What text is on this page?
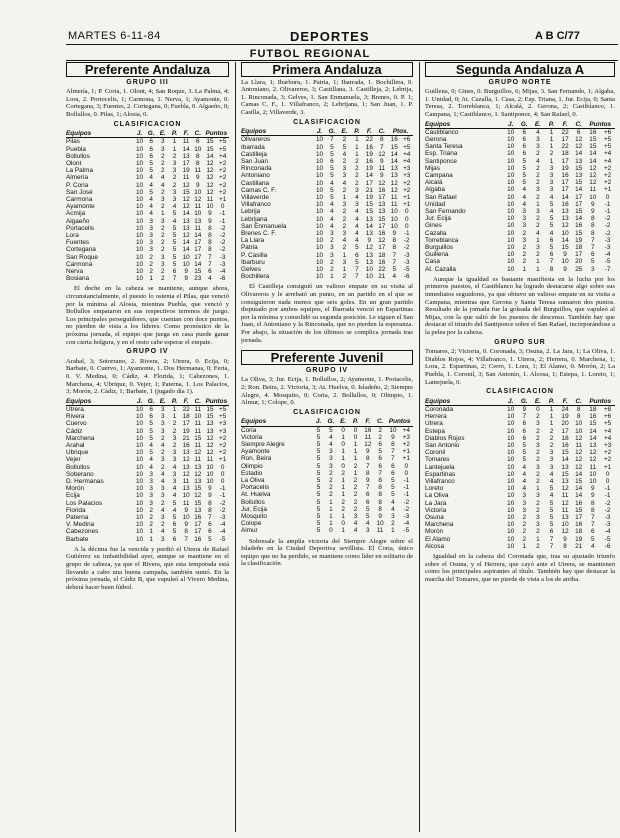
MARTES 6-11-84	DEPORTES	A B C/77
FUTBOL REGIONAL
Preferente Andaluza
GRUPO III

Almería, 1; P. Coria, 1. Olont, 4; San Roque, 3. La Palma, 4; Lora, 2. Portocelis, 1; Carmona, 1. Nerva, 1; Ayamonte, 0. Cortegana, 3; Fuentes, 2. Cortegana, 0; Fuebla, 0. Algaeño, 0; Bollullos, 0. Pilas, 1; Alosia, 0.

CLASIFICACION
Equipos	J.	G.	E.	P.	F.	C.	Puntos	
Pilas	10	6	3	1	11	6	15	+5
Puebla	10	6	3	1	14	10	15	+5
Bollullos	10	6	2	2	13	8	14	+4
Olont	10	5	2	3	17	8	12	+2
La Palma	10	5	2	3	19	11	12	+2
Almería	10	4	4	2	11	9	12	+2
P. Coria	10	4	4	2	12	9	12	+2
San José	10	5	2	3	15	10	12	+2
Carmona	10	4	3	3	12	12	11	+1
Ayamonte	10	4	2	4	12	11	10	0
Acmija	10	4	1	5	14	10	9	-1
Algaeño	10	3	3	4	13	13	9	-1
Portacelis	10	3	2	5	13	11	8	-2
Lora	10	3	2	5	12	14	8	-2
Fuentes	10	3	2	5	14	17	8	-2
Cortegana	10	3	2	5	14	17	8	-2
San Roque	10	2	3	5	10	17	7	-3
Carmona	10	2	3	5	10	14	7	-3
Nerva	10	2	2	6	9	15	6	-4
Bosiana	10	1	2	7	9	23	4	-6

El doche en la cabeza se mantiene, aunque ahora, circunstancialmente, el puesto lo ostenta el Pilas, que venció por la mínima al Alosia, mientras Puebla, que venció y Bollullos empataron en sus respectivos terrenos de juego. Los principales perseguidores, que cuentan con doce puntos, no pierden de vista a los líderes. Como pronóstico de la próxima jornada, el equipo que juega en casa puede ganar con cierta holgura, y en el resto cabe esperar el empate.

GRUPO IV

Arahal, 3; Sotorrano, 2. Rivera, 2; Utrera, 0. Ecija, 0; Barbate, 0. Cuervo, 1; Ayamonte, 1. Dos Hermanas, 0; Feria, 0. V. Medina, 0; Cádiz, 4. Florida, 1; Cabezones, 1. Marchena, 4; Ubrique, 0. Vejer, 1; Paterna, 1. Los Palacios, 3; Morón, 2. Cádiz, 1; Barbate, 1 (jugado día 1).

Equipos	J.	G.	E.	P.	F.	C.	Puntos	
Utrera	10	6	3	1	22	11	15	+5
Rivera	10	6	3	1	18	10	15	+5
Cuervo	10	5	3	2	17	11	13	+3
Cádiz	10	5	3	2	19	11	13	+3
Marchena	10	5	2	3	21	15	12	+2
Arahal	10	4	4	2	16	11	12	+2
Ubrique	10	5	2	3	13	12	12	+2
Vejer	10	4	3	3	12	11	11	+1
Bollullos	10	4	2	4	13	13	10	0
Soberano	10	3	4	3	12	12	10	0
D. Hermanas	10	3	4	3	11	13	10	0
Morón	10	3	3	4	13	15	9	-1
Ecija	10	3	3	4	10	12	9	-1
Los Palacios	10	3	2	5	11	15	8	-2
Florida	10	2	4	4	9	13	8	-2
Paterna	10	2	3	5	10	16	7	-3
V. Medina	10	2	2	6	9	17	6	-4
Cabezones	10	1	4	5	8	17	6	-4
Barbate	10	1	3	6	7	16	5	-5

A la décima fue la vencida y perdió el Utrera de Rafael Gutiérrez su imbatibilidad ayer, aunque se mantiene en el grupo de cabeza, ya que el Rivera, que esta temporada está llevando a cabo una buena campaña, también sumó. En la próxima jornada, el Cádiz B, que vapuleó al Vivero Medina, deberá hacer buen fútbol.

Primera Andaluza

La Llara, 1; Ibarburu, 1. Patria, 1; Ibarrada, 1. Bochillera, 0. Antoniano, 2. Olivareros, 3; Castillana, 3. Castilleja, 2; Lebrija, 1. Rinconada, 3; Gelves, 1. San Enmanuela, 3; Brenes, 0. P. 1; Camas C. F., 1. Villafranco, 2; Lebrijana, 1; San Juan, 1. P. Casilla, 2; Villaverde, 3.

CLASIFICACION
Equipos	J.	G.	E.	P.	F.	C.	Ptos.	
Olivareros	10	7	2	1	22	8	16	+6
Ibarrada	10	5	5	1	16	7	15	+5
Castilleja	10	5	4	1	19	12	14	+4
San Juan	10	6	2	2	16	9	14	+4
Rinconada	10	5	3	2	19	11	13	+3
Antoniano	10	5	3	2	14	9	13	+3
Castillana	10	4	4	2	17	12	12	+2
Camas C. F.	10	5	2	3	21	16	12	+2
Villaverde	10	5	1	4	19	17	11	+1
Villafranco	10	4	3	3	15	13	11	+1
Lebrija	10	4	2	4	15	13	10	0
Lebrijana	10	4	2	4	13	15	10	0
San Enmanuela	10	4	2	4	14	17	10	0
Brenes C. F.	10	3	3	4	13	16	9	-1
La Llara	10	2	4	4	9	12	8	-2
Patria	10	3	2	5	12	17	8	-2
P. Casilla	10	3	1	6	13	18	7	-3
Ibarburu	10	2	3	5	13	16	7	-3
Gelves	10	2	1	7	10	22	5	-5
Bochillera	10	1	2	7	10	21	4	-6

El Castilleja consiguió un valioso empate en su visita al Olivareros y le arrebató un punto, en un partido en el que se consiguieron nada menos que seis goles. En un gran partido disputado por ambos equipos, el Ibarrada venció en Espartinas por la mínima y consolidó su segunda posición. Le siguen el San Juan, el Antoniano y la Rinconada, que no pierden la esperanza. Por abajo, la situación de los últimos se complica jornada tras jornada.

Preferente Juvenil
GRUPO IV

La Oliva, 3; Jur. Ecija, 1. Bollullos, 2; Ayamonte, 1. Portacelis, 2; Ron. Beira, 2. Victoria, 3; At. Huelva, 0. Isladeño, 2; Siempre Alegre, 4. Mosquito, 0; Coria, 2. Bollullos, 0; Olimpio, 1. Almur, 1; Colope, 0.

CLASIFICACION
Equipos	J.	G.	E.	P.	F.	C.	Puntos	
Coria	5	5	0	0	16	2	10	+4
Victoria	5	4	1	0	11	2	9	+3
Siempre Alegre	5	4	0	1	12	6	8	+2
Ayamonte	5	3	1	1	9	5	7	+1
Ron. Beira	5	3	1	1	8	6	7	+1
Olimpio	5	3	0	2	7	6	6	0
Estadio	5	2	2	1	8	7	6	0
La Oliva	5	2	1	2	9	8	5	-1
Portacelis	5	2	1	2	7	8	5	-1
At. Huelva	5	2	1	2	6	8	5	-1
Bollullos	5	1	2	2	6	8	4	-2
Jur. Ecija	5	1	2	2	5	8	4	-2
Mosquito	5	1	1	3	5	9	3	-3
Colope	5	1	0	4	4	10	2	-4
Almur	5	0	1	4	3	11	1	-5

Sobresale la amplia victoria del Siempre Alegre sobre el Isladeño en la Ciudad Deportiva sevillista. El Coria, único equipo que no ha perdido, se mantiene como líder en solitario de la clasificación.

Segunda Andaluza A
GRUPO NORTE

Guillena, 0; Gines, 0. Burguillos, 6; Mijas, 3. San Fernando, 1; Algaba, 1. Unidad, 0; At. Cazalla, 1. Casa, 2; Esp. Triana, 1. Jur. Ecija, 0; Santa Teresa, 2. Torreblanca, 1; Alcalá, 2. Gerona, 2; Castiblanco, 1. Campana, 1; Castiblanco, 1. Santiponce, 4; San Rafael, 0.

Equipos	J.	G.	E.	P.	F.	C.	Puntos	
Castiblanco	10	6	4	1	22	6	16	+6
Gerona	10	6	3	1	17	12	15	+5
Santa Teresa	10	6	3	1	22	12	15	+5
Esp. Triana	10	6	2	2	18	14	14	+4
Santiponce	10	5	4	1	17	13	14	+4
Mijas	10	5	2	3	19	15	12	+2
Campana	10	5	2	3	16	13	12	+2
Alcalá	10	5	2	3	17	15	12	+2
Algaba	10	4	3	3	17	14	11	+1
San Rafael	10	4	2	4	14	17	10	0
Unidad	10	4	1	5	16	17	9	-1
San Fernando	10	3	3	4	13	15	9	-1
Jur. Ecija	10	3	2	5	13	14	8	-2
Gines	10	3	2	5	12	16	8	-2
Cazalla	10	2	4	4	10	15	8	-2
Torreblanca	10	3	1	6	14	19	7	-3
Burguillos	10	2	3	5	15	18	7	-3
Guillena	10	2	2	6	9	17	6	-4
Casa	10	2	1	7	10	20	5	-5
At. Cazalla	10	1	1	8	9	25	3	-7

Aunque la igualdad es bastante manifiesta en la lucha por los primeros puestos, el Castiblanco ha logrado destacarse algo sobre sus inmediatos seguidores, ya que obtuvo un valioso empate en su visita a Campana, mientras que Gerona y Santa Teresa sumaron dos puntos. Resultado de la jornada fue la goleada del Burguillos, que vapuleó al Mijas, con la que salió de los puestos de descenso. También hay que destacar el triunfo del Santiponce sobre el San Rafael, incorporándose a la pelea por la cabeza.

GRUPO SUR

Tomares, 2; Victoria, 0. Coronada, 3; Osuna, 2. La Jara, 1; La Oliva, 1. Diablos Rojos, 4; Villafranco, 1. Utrera, 2; Herrera, 0. Marchena, 1; Lora, 2. Espartinas, 2; Cerro, 1. Lora, 1; El Alamo, 0. Morón, 2; La Puebla, 1. Coronil, 3; San Antonio, 1. Alcosa, 1; Estepa, 1. Loreto, 1; Lantejuela, 0.

CLASIFICACION
Equipos	J.	G.	E.	P.	F.	C.	Puntos	
Coronada	10	9	0	1	24	8	18	+8
Herrera	10	7	2	1	19	8	16	+6
Utrera	10	6	3	1	20	10	15	+5
Estepa	10	6	2	2	17	10	14	+4
Diablos Rojos	10	6	2	2	18	12	14	+4
San Antonio	10	5	3	2	16	11	13	+3
Coronil	10	5	2	3	15	12	12	+2
Tomares	10	5	2	3	14	12	12	+2
Lantejuela	10	4	3	3	13	12	11	+1
Espartinas	10	4	2	4	15	14	10	0
Villafranco	10	4	2	4	13	15	10	0
Loreto	10	4	1	5	12	14	9	-1
La Oliva	10	3	3	4	11	14	9	-1
La Jara	10	3	2	5	12	16	8	-2
Victoria	10	3	2	5	11	15	8	-2
Osuna	10	2	3	5	13	17	7	-3
Marchena	10	2	3	5	10	16	7	-3
Morón	10	2	2	6	12	18	6	-4
El Alamo	10	2	1	7	9	19	5	-5
Alcosa	10	1	2	7	8	21	4	-6

Igualdad en la cabeza del Coronada que, tras su ajustado triunfo sobre el Osuna, y el Herrera, que cayó ante el Utrera, se mantienen como los principales aspirantes al título. También hay que destacar la marcha del Tomares, que no pierde de vista a los de arriba.
